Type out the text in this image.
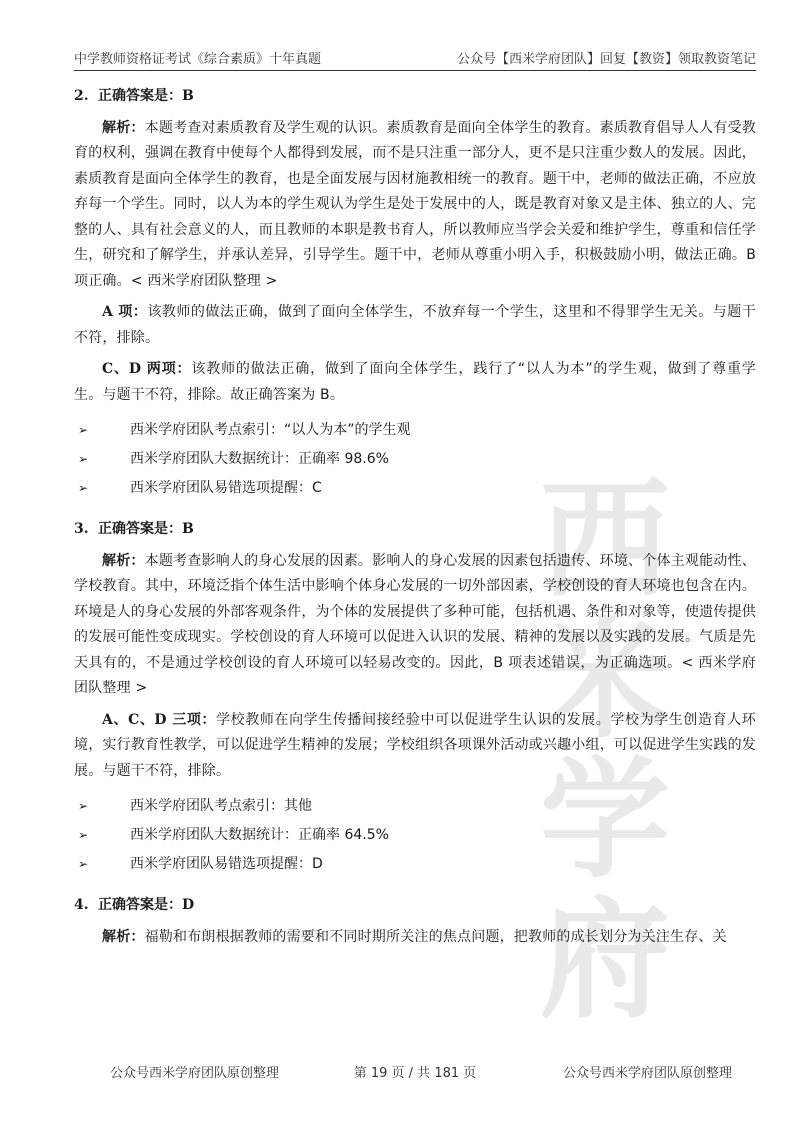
中学教师资格证考试《综合素质》十年真题	公众号【西米学府团队】回复【教资】领取教资笔记
西米学府
2. 正确答案是：B

解析：本题考查对素质教育及学生观的认识。素质教育是面向全体学生的教育。素质教育倡导人人有受教育的权利，强调在教育中使每个人都得到发展，而不是只注重一部分人，更不是只注重少数人的发展。因此，素质教育是面向全体学生的教育，也是全面发展与因材施教相统一的教育。题干中，老师的做法正确，不应放弃每一个学生。同时，以人为本的学生观认为学生是处于发展中的人，既是教育对象又是主体、独立的人、完整的人、具有社会意义的人，而且教师的本职是教书育人，所以教师应当学会关爱和维护学生，尊重和信任学生，研究和了解学生，并承认差异，引导学生。题干中，老师从尊重小明入手，积极鼓励小明，做法正确。B 项正确。< 西米学府团队整理 >

A 项：该教师的做法正确，做到了面向全体学生，不放弃每一个学生，这里和不得罪学生无关。与题干不符，排除。

C、D 两项：该教师的做法正确，做到了面向全体学生，践行了“以人为本”的学生观，做到了尊重学生。与题干不符，排除。故正确答案为 B。

➢	西米学府团队考点索引：“以人为本”的学生观
➢	西米学府团队大数据统计：正确率 98.6%
➢	西米学府团队易错选项提醒：C
3. 正确答案是：B

解析：本题考查影响人的身心发展的因素。影响人的身心发展的因素包括遗传、环境、个体主观能动性、学校教育。其中，环境泛指个体生活中影响个体身心发展的一切外部因素，学校创设的育人环境也包含在内。环境是人的身心发展的外部客观条件，为个体的发展提供了多种可能，包括机遇、条件和对象等，使遗传提供的发展可能性变成现实。学校创设的育人环境可以促进入认识的发展、精神的发展以及实践的发展。气质是先天具有的，不是通过学校创设的育人环境可以轻易改变的。因此，B 项表述错误，为正确选项。< 西米学府团队整理 >

A、C、D 三项：学校教师在向学生传播间接经验中可以促进学生认识的发展。学校为学生创造育人环境，实行教育性教学，可以促进学生精神的发展；学校组织各项课外活动或兴趣小组，可以促进学生实践的发展。与题干不符，排除。

➢	西米学府团队考点索引：其他
➢	西米学府团队大数据统计：正确率 64.5%
➢	西米学府团队易错选项提醒：D
4. 正确答案是：D

解析：福勒和布朗根据教师的需要和不同时期所关注的焦点问题，把教师的成长划分为关注生存、关

公众号西米学府团队原创整理	第 19 页 / 共 181 页	公众号西米学府团队原创整理
